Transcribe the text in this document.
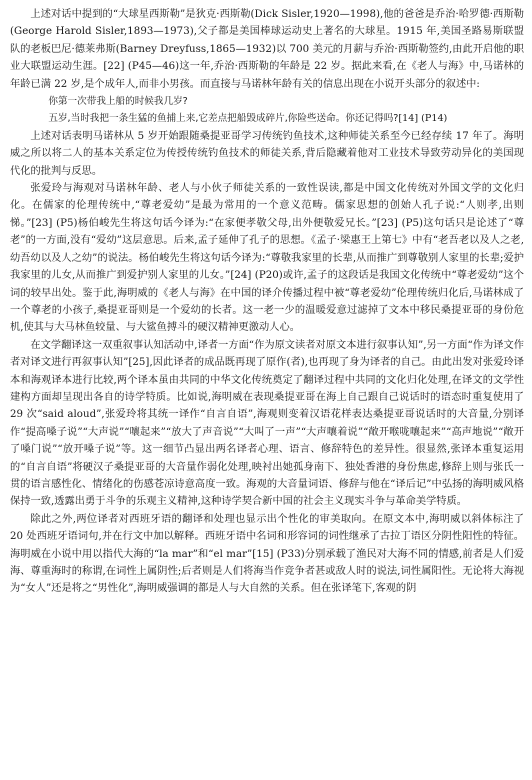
上述对话中提到的“大球星西斯勒”是狄克·西斯勒(Dick Sisler,1920—1998),他的爸爸是乔治·哈罗德·西斯勒(George Harold Sisler,1893—1973),父子都是美国棒球运动史上著名的大球星。1915 年,美国圣路易斯联盟队的老板巴尼·德莱弗斯(Barney Dreyfuss,1865—1932)以 700 美元的月薪与乔治·西斯勒签约,由此开启他的职业大联盟运动生涯。[22] (P45—46)这一年,乔治·西斯勒的年龄是 22 岁。据此来看,在《老人与海》中,马诺林的年龄已满 22 岁,是个成年人,而非小男孩。而直接与马诺林年龄有关的信息出现在小说开头部分的叙述中:

你第一次带我上船的时候我几岁?

五岁,当时我把一条生猛的鱼捕上来,它差点把船毁成碎片,你险些送命。你还记得吗?[14] (P14)

上述对话表明马诺林从 5 岁开始跟随桑提亚哥学习传统钓鱼技术,这种师徒关系至今已经存续 17 年了。海明威之所以将二人的基本关系定位为传授传统钓鱼技术的师徒关系,背后隐藏着他对工业技术导致劳动异化的美国现代化的批判与反思。

张爱玲与海观对马诺林年龄、老人与小伙子师徒关系的一致性误读,都是中国文化传统对外国文学的文化归化。在儒家的伦理传统中,“尊老爱幼”是最为常用的一个意义范畴。儒家思想的创始人孔子说:“人则孝,出则悌。”[23] (P5)杨伯峻先生将这句话今译为:“在家便孝敬父母,出外便敬爱兄长。”[23] (P5)这句话只是论述了“尊老”的一方面,没有“爱幼”这层意思。后来,孟子延伸了孔子的思想。《孟子·梁惠王上第七》中有“老吾老以及人之老,幼吾幼以及人之幼”的说法。杨伯峻先生将这句话今译为:“尊敬我家里的长辈,从而推广到尊敬别人家里的长辈;爱护我家里的儿女,从而推广到爱护别人家里的儿女。”[24] (P20)或许,孟子的这段话是我国文化传统中“尊老爱幼”这个词的较早出处。鉴于此,海明威的《老人与海》在中国的译介传播过程中被“尊老爱幼”伦理传统归化后,马诺林成了一个尊老的小孩子,桑提亚哥则是一个爱幼的长者。这一老一少的温暖爱意过滤掉了文本中移民桑提亚哥的身份危机,使其与大马林鱼较量、与大鲨鱼搏斗的硬汉精神更激动人心。

在文学翻译这一双重叙事认知活动中,译者一方面“作为原文读者对原文本进行叙事认知”,另一方面“作为译文作者对译文进行再叙事认知”[25],因此译者的成品既再现了原作(者),也再现了身为译者的自己。由此出发对张爱玲译本和海观译本进行比较,两个译本虽由共同的中华文化传统奠定了翻译过程中共同的文化归化处理,在译文的文学性建构方面却呈现出各自的诗学特质。比如说,海明威在表现桑提亚哥在海上自己跟自己说话时的语态时重复使用了 29 次“said aloud”,张爱玲将其统一译作“自言自语”,海观则变着汉语花样表达桑提亚哥说话时的大音量,分别译作“提高嗓子说”“大声说”“嚷起来”“放大了声音说”“大叫了一声”“大声嚷着说”“敞开喉咙嚷起来”“高声地说”“敞开了嗓门说”“放开嗓子说”等。这一细节凸显出两名译者心理、语言、修辞特色的差异性。很显然,张译本重复运用的“自言自语”将硬汉子桑提亚哥的大音量作弱化处理,映衬出她孤身南下、独处香港的身份焦虑,修辞上则与张氏一贯的语言感性化、情绪化的伤感苍凉诗意高度一致。海观的大音量词语、修辞与他在“译后记”中弘扬的海明威风格保持一致,透露出勇于斗争的乐观主义精神,这种诗学契合新中国的社会主义现实斗争与革命美学特质。

除此之外,两位译者对西班牙语的翻译和处理也显示出个性化的审美取向。在原文本中,海明威以斜体标注了 20 处西班牙语词句,并在行文中加以解释。西班牙语中名词和形容词的词性继承了古拉丁语区分阴性阳性的特征。海明威在小说中用以指代大海的“la mar”和“el mar”[15] (P33)分别承载了渔民对大海不同的情感,前者是人们爱海、尊重海时的称谓,在词性上属阴性;后者则是人们将海当作竞争者甚或敌人时的说法,词性属阳性。无论将大海视为“女人”还是将之“男性化”,海明威强调的都是人与大自然的关系。但在张译笔下,客观的阴
